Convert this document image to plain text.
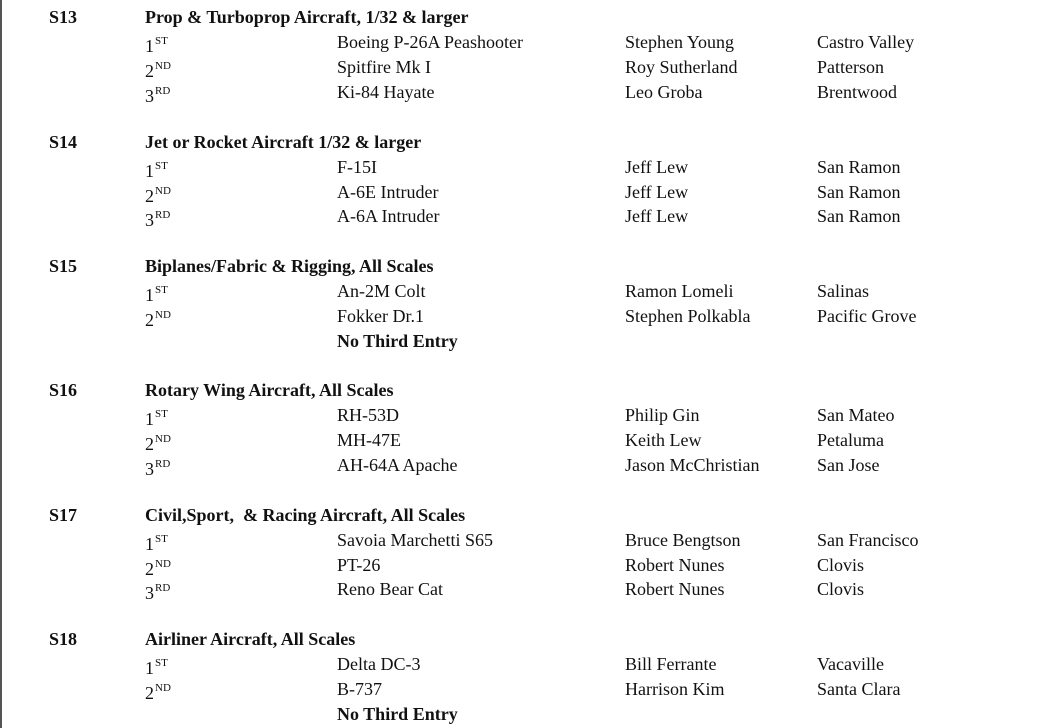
S13	Prop & Turboprop Aircraft, 1/32 & larger
1ST	Boeing P-26A Peashooter	Stephen Young	Castro Valley
2ND	Spitfire Mk I	Roy Sutherland	Patterson
3RD	Ki-84 Hayate	Leo Groba	Brentwood
S14	Jet or Rocket Aircraft 1/32 & larger
1ST	F-15I	Jeff Lew	San Ramon
2ND	A-6E Intruder	Jeff Lew	San Ramon
3RD	A-6A Intruder	Jeff Lew	San Ramon
S15	Biplanes/Fabric & Rigging, All Scales
1ST	An-2M Colt	Ramon Lomeli	Salinas
2ND	Fokker Dr.1	Stephen Polkabla	Pacific Grove
No Third Entry
S16	Rotary Wing Aircraft, All Scales
1ST	RH-53D	Philip Gin	San Mateo
2ND	MH-47E	Keith Lew	Petaluma
3RD	AH-64A Apache	Jason McChristian	San Jose
S17	Civil,Sport,  & Racing Aircraft, All Scales
1ST	Savoia Marchetti S65	Bruce Bengtson	San Francisco
2ND	PT-26	Robert Nunes	Clovis
3RD	Reno Bear Cat	Robert Nunes	Clovis
S18	Airliner Aircraft, All Scales
1ST	Delta DC-3	Bill Ferrante	Vacaville
2ND	B-737	Harrison Kim	Santa Clara
No Third Entry
